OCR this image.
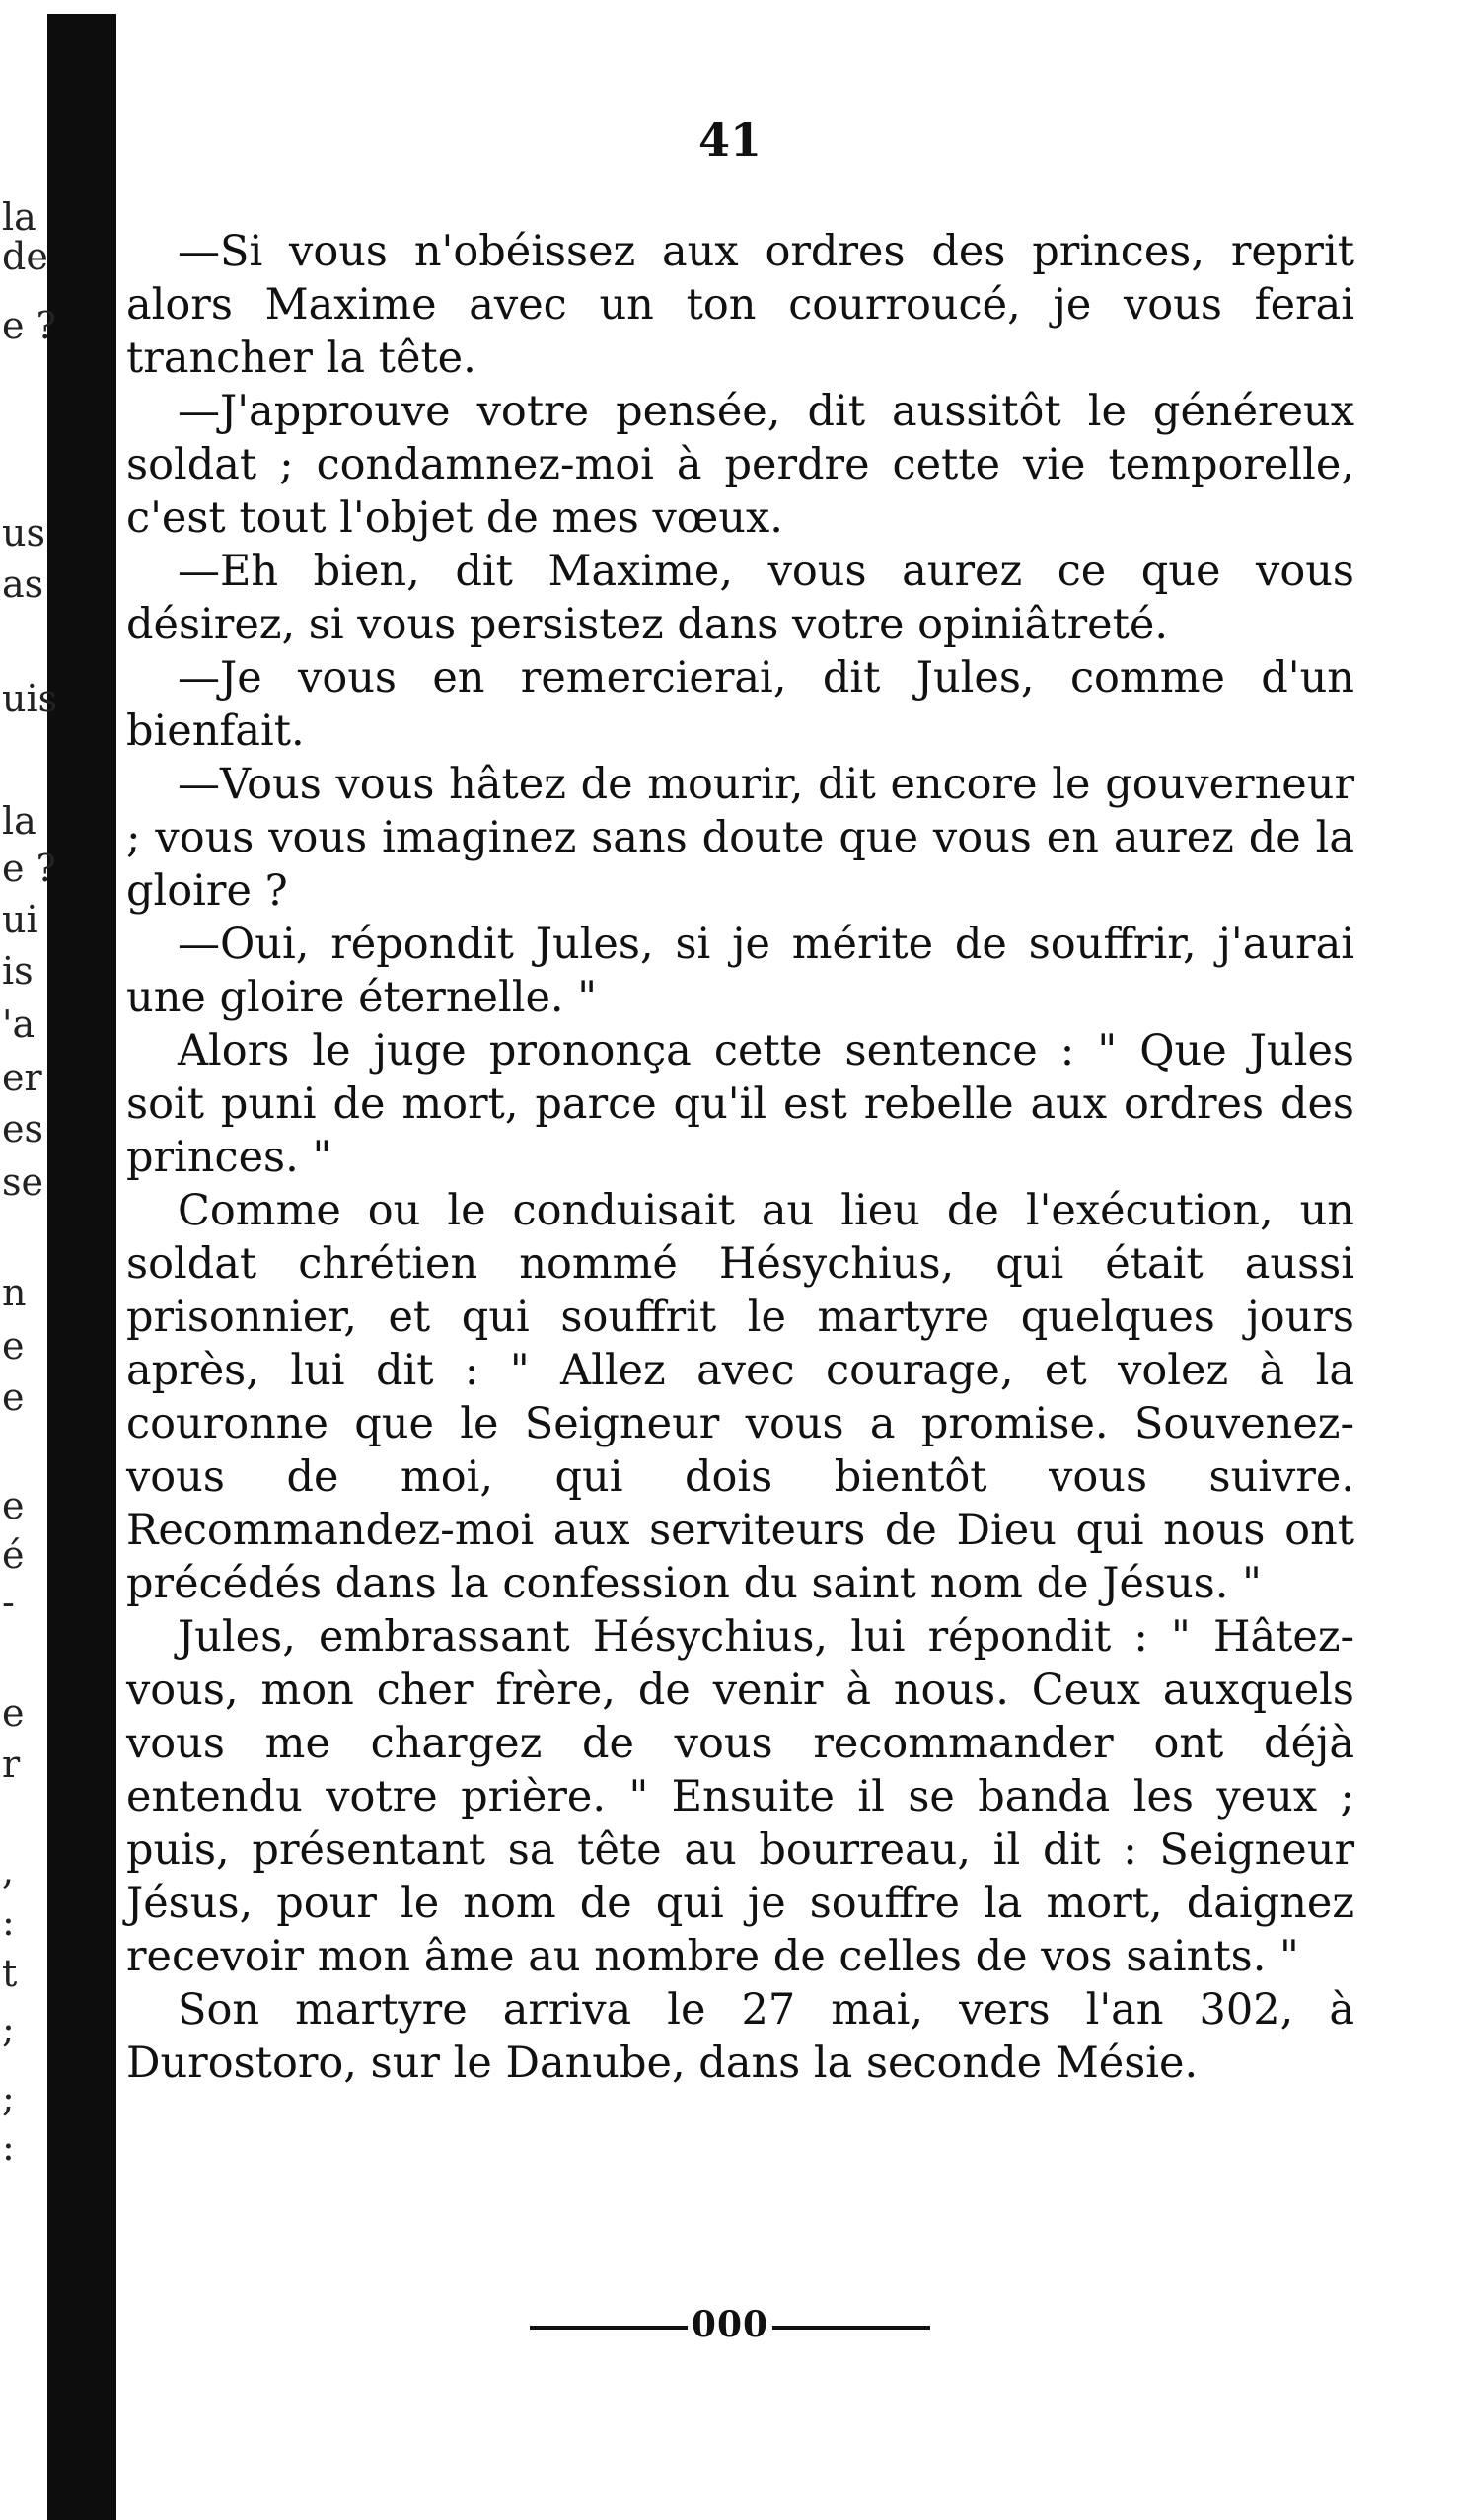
la
de
e ?
us
as
uis
la
e ?
ui
is
'a
er
es
se
n
e
e
e
é
-
e
r
,
:
t
;
;
:
41

—Si vous n'obéissez aux ordres des princes, reprit alors Maxime avec un ton courroucé, je vous ferai trancher la tête.

—J'approuve votre pensée, dit aussitôt le généreux soldat ; condamnez-moi à perdre cette vie temporelle, c'est tout l'objet de mes vœux.

—Eh bien, dit Maxime, vous aurez ce que vous désirez, si vous persistez dans votre opiniâtreté.

—Je vous en remercierai, dit Jules, comme d'un bienfait.

—Vous vous hâtez de mourir, dit encore le gouverneur ; vous vous imaginez sans doute que vous en aurez de la gloire ?

—Oui, répondit Jules, si je mérite de souffrir, j'aurai une gloire éternelle. "

Alors le juge prononça cette sentence : " Que Jules soit puni de mort, parce qu'il est rebelle aux ordres des princes. "

Comme ou le conduisait au lieu de l'exécution, un soldat chrétien nommé Hésychius, qui était aussi prisonnier, et qui souffrit le martyre quelques jours après, lui dit : " Allez avec courage, et volez à la couronne que le Seigneur vous a promise. Souvenez-vous de moi, qui dois bientôt vous suivre. Recommandez-moi aux serviteurs de Dieu qui nous ont précédés dans la confession du saint nom de Jésus. "

Jules, embrassant Hésychius, lui répondit : " Hâtez-vous, mon cher frère, de venir à nous. Ceux auxquels vous me chargez de vous recommander ont déjà entendu votre prière. " Ensuite il se banda les yeux ; puis, présentant sa tête au bourreau, il dit : Seigneur Jésus, pour le nom de qui je souffre la mort, daignez recevoir mon âme au nombre de celles de vos saints. "

Son martyre arriva le 27 mai, vers l'an 302, à Durostoro, sur le Danube, dans la seconde Mésie.

000
